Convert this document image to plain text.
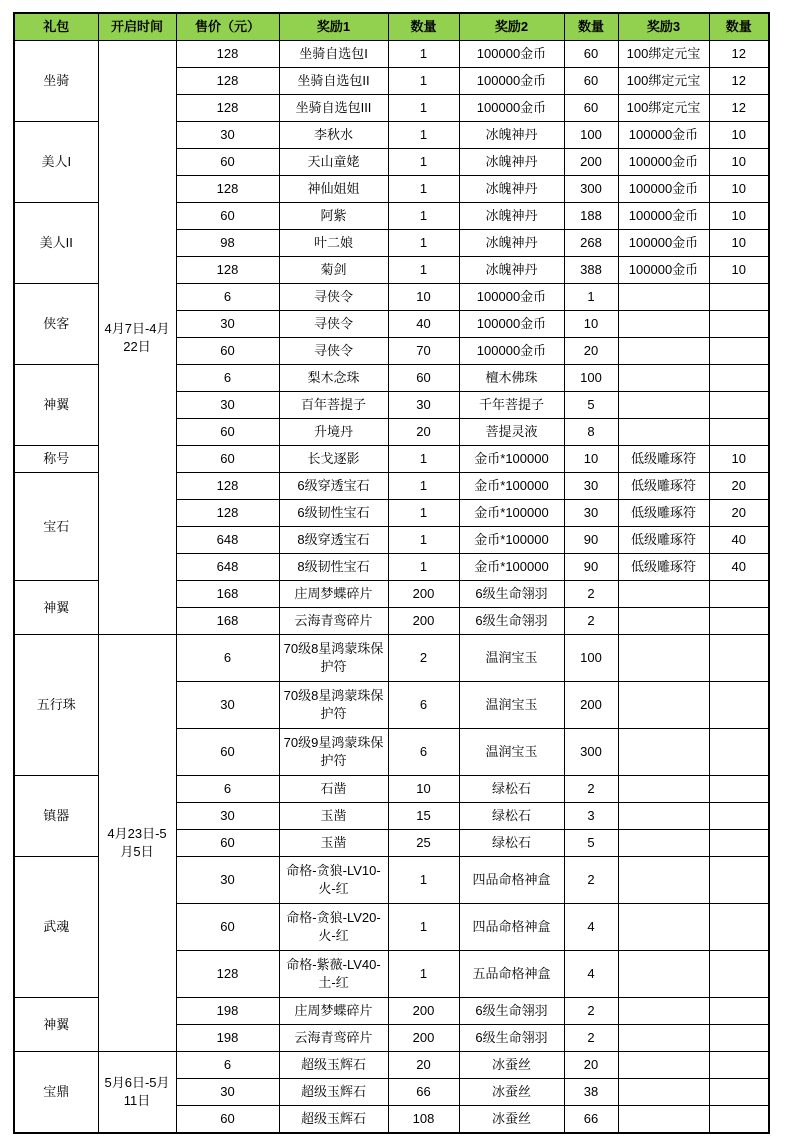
礼包	开启时间	售价（元）	奖励1	数量	奖励2	数量	奖励3	数量
坐骑	4月7日-4月22日	128	坐骑自选包I	1	100000金币	60	100绑定元宝	12
		128	坐骑自选包II	1	100000金币	60	100绑定元宝	12
		128	坐骑自选包III	1	100000金币	60	100绑定元宝	12
美人I		30	李秋水	1	冰魄神丹	100	100000金币	10
		60	天山童姥	1	冰魄神丹	200	100000金币	10
		128	神仙姐姐	1	冰魄神丹	300	100000金币	10
美人II		60	阿紫	1	冰魄神丹	188	100000金币	10
		98	叶二娘	1	冰魄神丹	268	100000金币	10
		128	菊剑	1	冰魄神丹	388	100000金币	10
侠客		6	寻侠令	10	100000金币	1		
		30	寻侠令	40	100000金币	10		
		60	寻侠令	70	100000金币	20		
神翼		6	梨木念珠	60	檀木佛珠	100		
		30	百年菩提子	30	千年菩提子	5		
		60	升境丹	20	菩提灵液	8		
称号		60	长戈逐影	1	金币*100000	10	低级雕琢符	10
宝石		128	6级穿透宝石	1	金币*100000	30	低级雕琢符	20
		128	6级韧性宝石	1	金币*100000	30	低级雕琢符	20
		648	8级穿透宝石	1	金币*100000	90	低级雕琢符	40
		648	8级韧性宝石	1	金币*100000	90	低级雕琢符	40
神翼		168	庄周梦蝶碎片	200	6级生命翎羽	2		
		168	云海青鸾碎片	200	6级生命翎羽	2		
五行珠	4月23日-5月5日	6	70级8星鸿蒙珠保护符	2	温润宝玉	100		
		30	70级8星鸿蒙珠保护符	6	温润宝玉	200		
		60	70级9星鸿蒙珠保护符	6	温润宝玉	300		
镇器		6	石凿	10	绿松石	2		
		30	玉凿	15	绿松石	3		
		60	玉凿	25	绿松石	5		
武魂		30	命格-贪狼-LV10-火-红	1	四品命格神盒	2		
		60	命格-贪狼-LV20-火-红	1	四品命格神盒	4		
		128	命格-紫薇-LV40-土-红	1	五品命格神盒	4		
神翼		198	庄周梦蝶碎片	200	6级生命翎羽	2		
		198	云海青鸾碎片	200	6级生命翎羽	2		
宝鼎	5月6日-5月11日	6	超级玉辉石	20	冰蚕丝	20		
		30	超级玉辉石	66	冰蚕丝	38		
		60	超级玉辉石	108	冰蚕丝	66		
